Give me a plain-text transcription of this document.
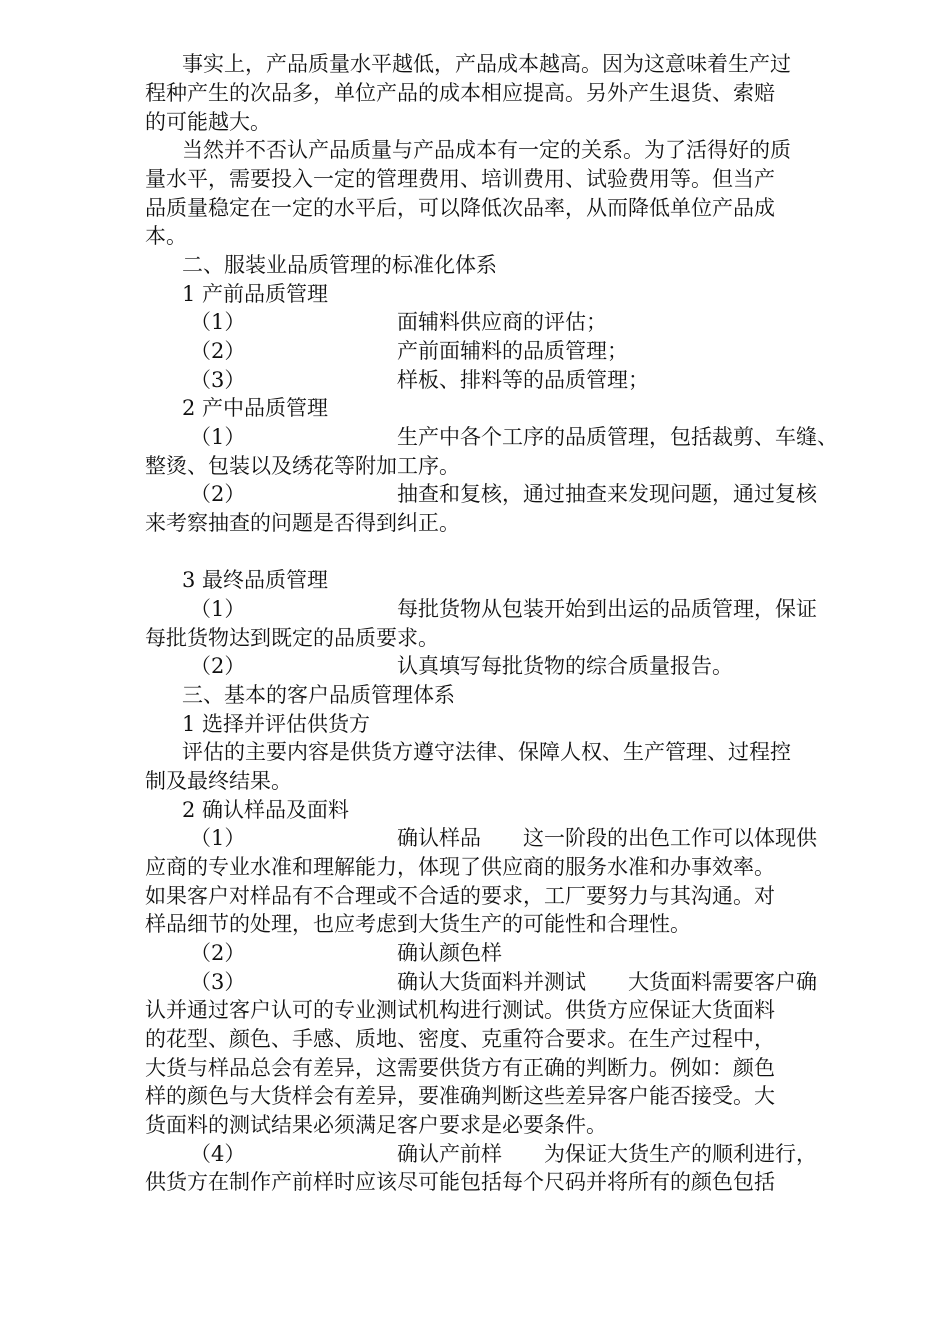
事实上，产品质量水平越低，产品成本越高。因为这意味着生产过
程种产生的次品多，单位产品的成本相应提高。另外产生退货、索赔
的可能越大。
当然并不否认产品质量与产品成本有一定的关系。为了活得好的质
量水平，需要投入一定的管理费用、培训费用、试验费用等。但当产
品质量稳定在一定的水平后，可以降低次品率，从而降低单位产品成
本。
二、服装业品质管理的标准化体系
1 产前品质管理
（1）	面辅料供应商的评估；
（2）	产前面辅料的品质管理；
（3）	样板、排料等的品质管理；
2 产中品质管理
（1）	生产中各个工序的品质管理，包括裁剪、车缝、
整烫、包装以及绣花等附加工序。
（2）	抽查和复核，通过抽查来发现问题，通过复核
来考察抽查的问题是否得到纠正。
3 最终品质管理
（1）	每批货物从包装开始到出运的品质管理，保证
每批货物达到既定的品质要求。
（2）	认真填写每批货物的综合质量报告。
三、基本的客户品质管理体系
1 选择并评估供货方
评估的主要内容是供货方遵守法律、保障人权、生产管理、过程控
制及最终结果。
2 确认样品及面料
（1）	确认样品　　这一阶段的出色工作可以体现供
应商的专业水准和理解能力，体现了供应商的服务水准和办事效率。
如果客户对样品有不合理或不合适的要求，工厂要努力与其沟通。对
样品细节的处理，也应考虑到大货生产的可能性和合理性。
（2）	确认颜色样
（3）	确认大货面料并测试　　大货面料需要客户确
认并通过客户认可的专业测试机构进行测试。供货方应保证大货面料
的花型、颜色、手感、质地、密度、克重符合要求。在生产过程中，
大货与样品总会有差异，这需要供货方有正确的判断力。例如：颜色
样的颜色与大货样会有差异，要准确判断这些差异客户能否接受。大
货面料的测试结果必须满足客户要求是必要条件。
（4）	确认产前样　　为保证大货生产的顺利进行，
供货方在制作产前样时应该尽可能包括每个尺码并将所有的颜色包括
